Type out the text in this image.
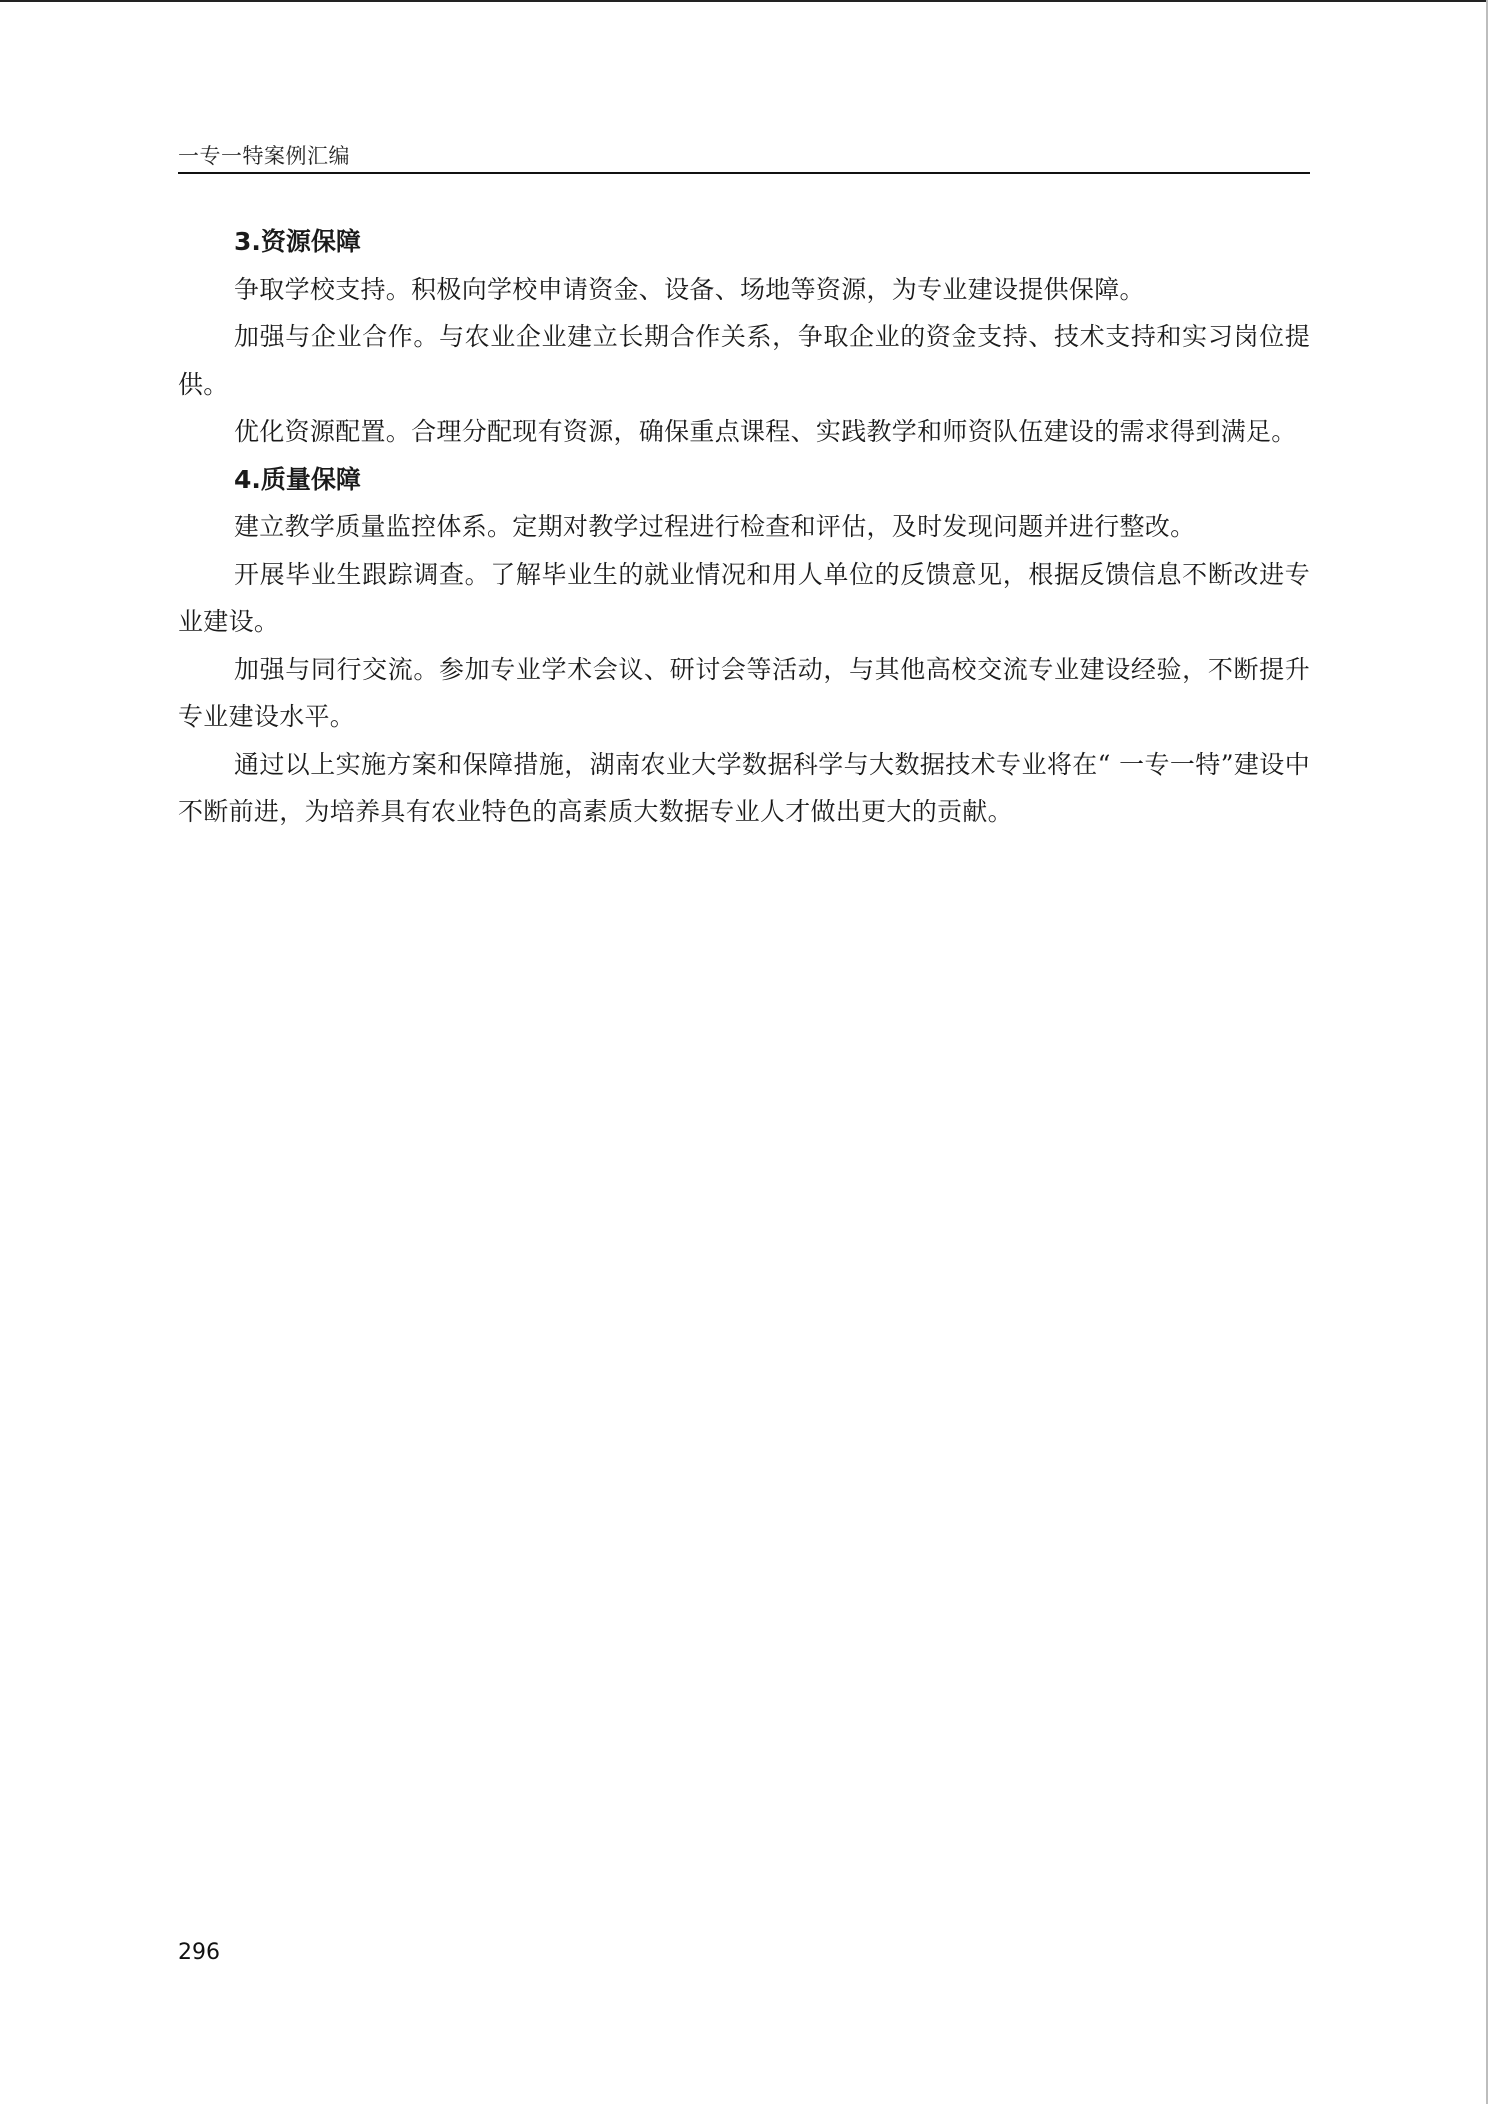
一专一特案例汇编
3.资源保障

争取学校支持。积极向学校申请资金、设备、场地等资源，为专业建设提供保障。

加强与企业合作。与农业企业建立长期合作关系，争取企业的资金支持、技术支持和实习岗位提供。

优化资源配置。合理分配现有资源，确保重点课程、实践教学和师资队伍建设的需求得到满足。

4.质量保障

建立教学质量监控体系。定期对教学过程进行检查和评估，及时发现问题并进行整改。

开展毕业生跟踪调查。了解毕业生的就业情况和用人单位的反馈意见，根据反馈信息不断改进专业建设。

加强与同行交流。参加专业学术会议、研讨会等活动，与其他高校交流专业建设经验，不断提升专业建设水平。

通过以上实施方案和保障措施，湖南农业大学数据科学与大数据技术专业将在“ 一专一特”建设中不断前进，为培养具有农业特色的高素质大数据专业人才做出更大的贡献。

296
